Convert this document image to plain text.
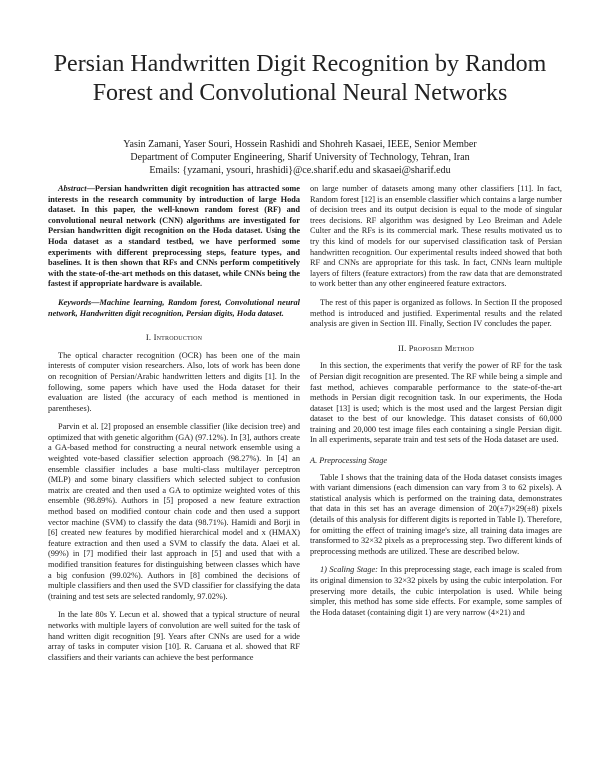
Persian Handwritten Digit Recognition by Random Forest and Convolutional Neural Networks
Yasin Zamani, Yaser Souri, Hossein Rashidi and Shohreh Kasaei, IEEE, Senior Member
Department of Computer Engineering, Sharif University of Technology, Tehran, Iran
Emails: {yzamani, ysouri, hrashidi}@ce.sharif.edu and skasaei@sharif.edu

Abstract—Persian handwritten digit recognition has attracted some interests in the research community by introduction of large Hoda dataset. In this paper, the well-known random forest (RF) and convolutional neural network (CNN) algorithms are investigated for Persian handwritten digit recognition on the Hoda dataset. Using the Hoda dataset as a standard testbed, we have performed some experiments with different preprocessing steps, feature types, and baselines. It is then shown that RFs and CNNs perform competitively with the state-of-the-art methods on this dataset, while CNNs being the fastest if appropriate hardware is available.

Keywords—Machine learning, Random forest, Convolutional neural network, Handwritten digit recognition, Persian digits, Hoda dataset.

I. Introduction

The optical character recognition (OCR) has been one of the main interests of computer vision researchers. Also, lots of work has been done on recognition of Persian/Arabic handwritten letters and digits [1]. In the following, some papers which have used the Hoda dataset for their evaluation are listed (the accuracy of each method is mentioned in parentheses).

Parvin et al. [2] proposed an ensemble classifier (like decision tree) and optimized that with genetic algorithm (GA) (97.12%). In [3], authors create a GA-based method for constructing a neural network ensemble using a weighted vote-based classifier selection approach (98.27%). In [4] an ensemble classifier includes a base multi-class multilayer perceptron (MLP) and some binary classifiers which selected subject to confusion matrix are created and then used a GA to optimize weighted votes of this ensemble (98.89%). Authors in [5] proposed a new feature extraction method based on modified contour chain code and then used a support vector machine (SVM) to classify the data (98.71%). Hamidi and Borji in [6] created new features by modified hierarchical model and x (HMAX) feature extraction and then used a SVM to classify the data. Alaei et al. (99%) in [7] modified their last approach in [5] and used that with a modified transition features for distinguishing between classes which have a big confusion (99.02%). Authors in [8] combined the decisions of multiple classifiers and then used the SVD classifier for classifying the data (training and test sets are selected randomly, 97.02%).

In the late 80s Y. Lecun et al. showed that a typical structure of neural networks with multiple layers of convolution are well suited for the task of hand written digit recognition [9]. Years after CNNs are used for a wide array of tasks in computer vision [10]. R. Caruana et al. showed that RF classifiers and their variants can achieve the best performance

on large number of datasets among many other classifiers [11]. In fact, Random forest [12] is an ensemble classifier which contains a large number of decision trees and its output decision is equal to the mode of singular trees decisions. RF algorithm was designed by Leo Breiman and Adele Culter and the RFs is its commercial mark. These results motivated us to try this kind of models for our supervised classification task of Persian handwritten recognition. Our experimental results indeed showed that both RF and CNNs are appropriate for this task. In fact, CNNs learn multiple layers of filters (feature extractors) from the raw data that are demonstrated to work better than any other engineered feature extractors.

The rest of this paper is organized as follows. In Section II the proposed method is introduced and justified. Experimental results and the related analysis are given in Section III. Finally, Section IV concludes the paper.

II. Proposed Method

In this section, the experiments that verify the power of RF for the task of Persian digit recognition are presented. The RF while being a simple and fast method, achieves comparable performance to the state-of-the-art methods in Persian digit recognition task. In our experiments, the Hoda dataset [13] is used; which is the most used and the largest Persian digit dataset to the best of our knowledge. This dataset consists of 60,000 training and 20,000 test image files each containing a single Persian digit. In all experiments, separate train and test sets of the Hoda dataset are used.

A. Preprocessing Stage

Table I shows that the training data of the Hoda dataset consists images with variant dimensions (each dimension can vary from 3 to 62 pixels). A statistical analysis which is performed on the training data, demonstrates that data in this set has an average dimension of 20(±7)×29(±8) pixels (details of this analysis for different digits is reported in Table I). Therefore, for omitting the effect of training image's size, all training data images are transformed to 32×32 pixels as a preprocessing step. Two different kinds of preprocessing methods are utilized. These are described below.

1) Scaling Stage: In this preprocessing stage, each image is scaled from its original dimension to 32×32 pixels by using the cubic interpolation. For preserving more details, the cubic interpolation is used. While being simpler, this method has some side effects. For example, some samples of the Hoda dataset (containing digit 1) are very narrow (4×21) and
